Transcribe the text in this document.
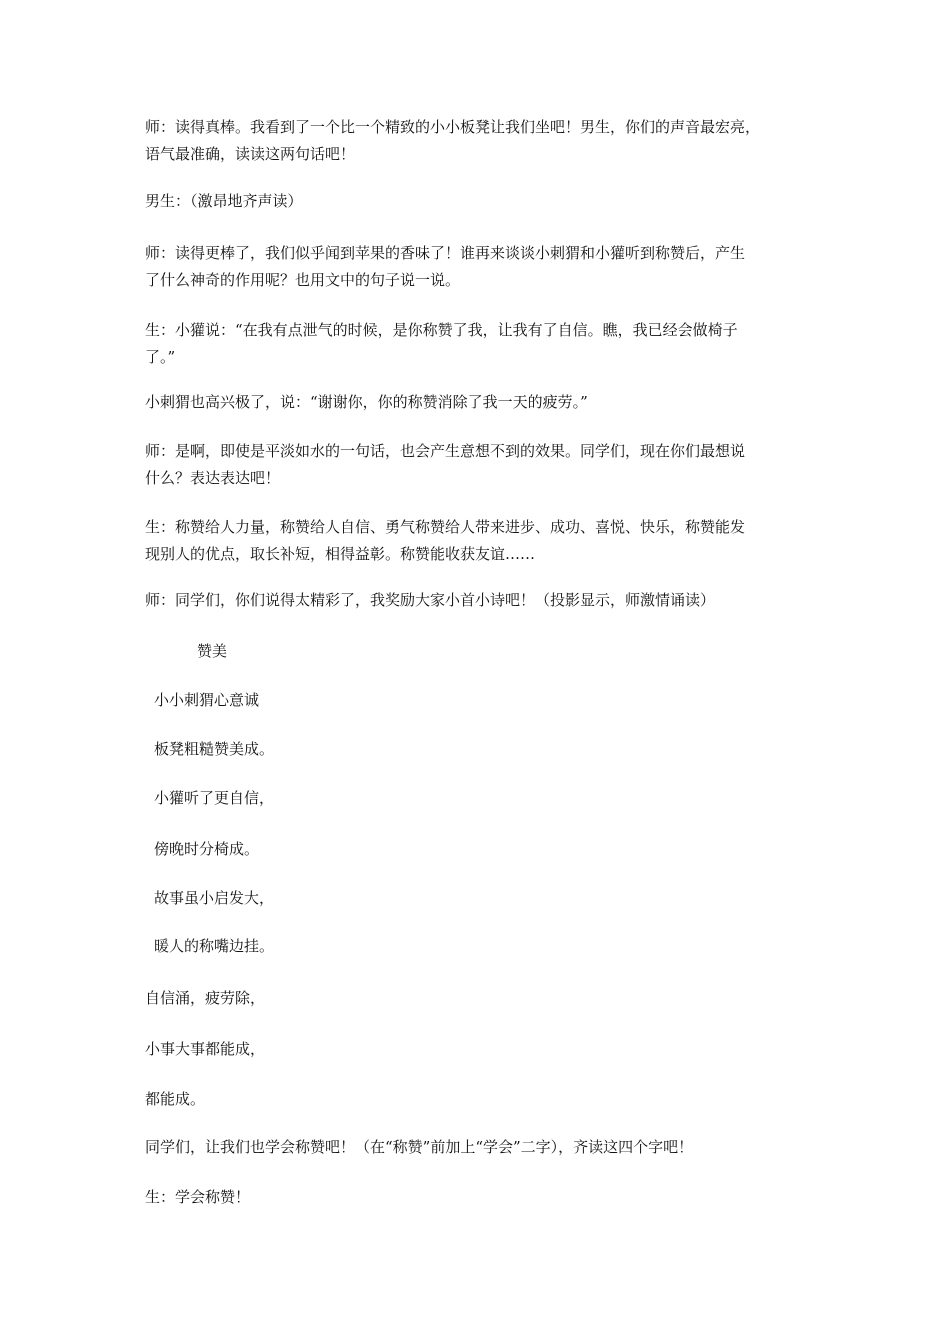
师：读得真棒。我看到了一个比一个精致的小小板凳让我们坐吧！男生，你们的声音最宏亮，
语气最准确，读读这两句话吧！
男生：（激昂地齐声读）
师：读得更棒了，我们似乎闻到苹果的香味了！谁再来谈谈小刺猬和小獾听到称赞后，产生
了什么神奇的作用呢？也用文中的句子说一说。
生：小獾说：“在我有点泄气的时候，是你称赞了我，让我有了自信。瞧，我已经会做椅子
了。”
小刺猬也高兴极了，说：“谢谢你，你的称赞消除了我一天的疲劳。”
师：是啊，即使是平淡如水的一句话，也会产生意想不到的效果。同学们，现在你们最想说
什么？表达表达吧！
生：称赞给人力量，称赞给人自信、勇气称赞给人带来进步、成功、喜悦、快乐，称赞能发
现别人的优点，取长补短，相得益彰。称赞能收获友谊……
师：同学们，你们说得太精彩了，我奖励大家小首小诗吧！（投影显示，师激情诵读）
赞美
小小刺猬心意诚
板凳粗糙赞美成。
小獾听了更自信，
傍晚时分椅成。
故事虽小启发大，
暖人的称嘴边挂。
自信涌，疲劳除，
小事大事都能成，
都能成。
同学们，让我们也学会称赞吧！（在“称赞”前加上“学会”二字），齐读这四个字吧！
生：学会称赞！
